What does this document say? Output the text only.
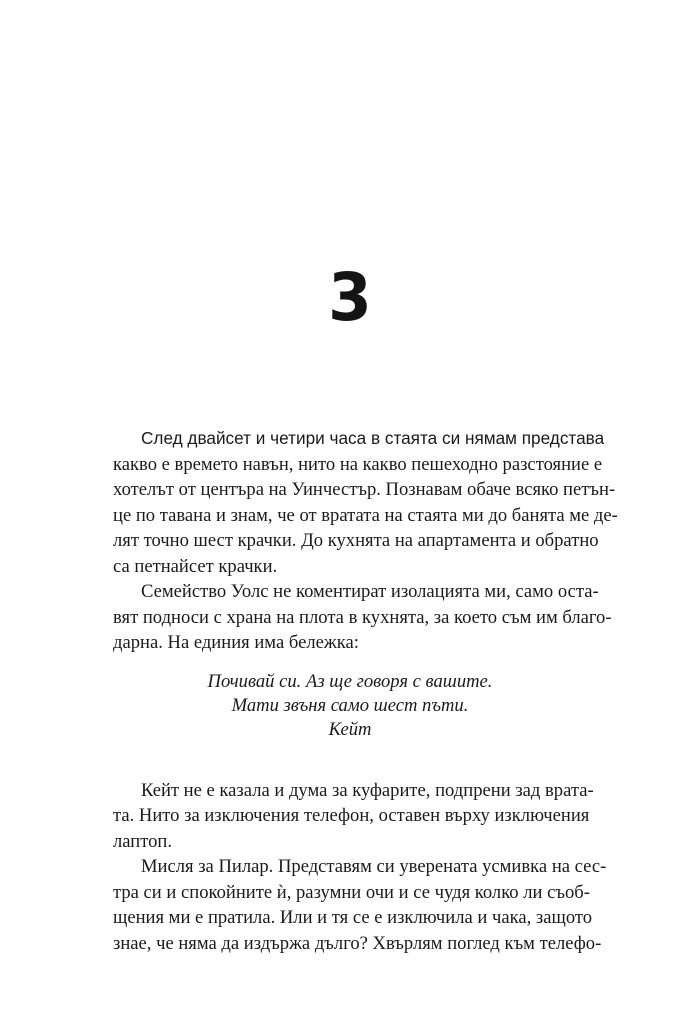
3
След двайсет и четири часа в стаята си нямам представа
какво е времето навън, нито на какво пешеходно разстояние е
хотелът от центъра на Уинчестър. Познавам обаче всяко петън-
це по тавана и знам, че от вратата на стаята ми до банята ме де-
лят точно шест крачки. До кухнята на апартамента и обратно
са петнайсет крачки.
Семейство Уолс не коментират изолацията ми, само оста-
вят подноси с храна на плота в кухнята, за което съм им благо-
дарна. На единия има бележка:
Почивай си. Аз ще говоря с вашите.
Мати звъня само шест пъти.
Кейт
Кейт не е казала и дума за куфарите, подпрени зад врата-
та. Нито за изключения телефон, оставен върху изключения
лаптоп.
Мисля за Пилар. Представям си уверената усмивка на сес-
тра си и спокойните ѝ, разумни очи и се чудя колко ли съоб-
щения ми е пратила. Или и тя се е изключила и чака, защото
знае, че няма да издържа дълго? Хвърлям поглед към телефо-
